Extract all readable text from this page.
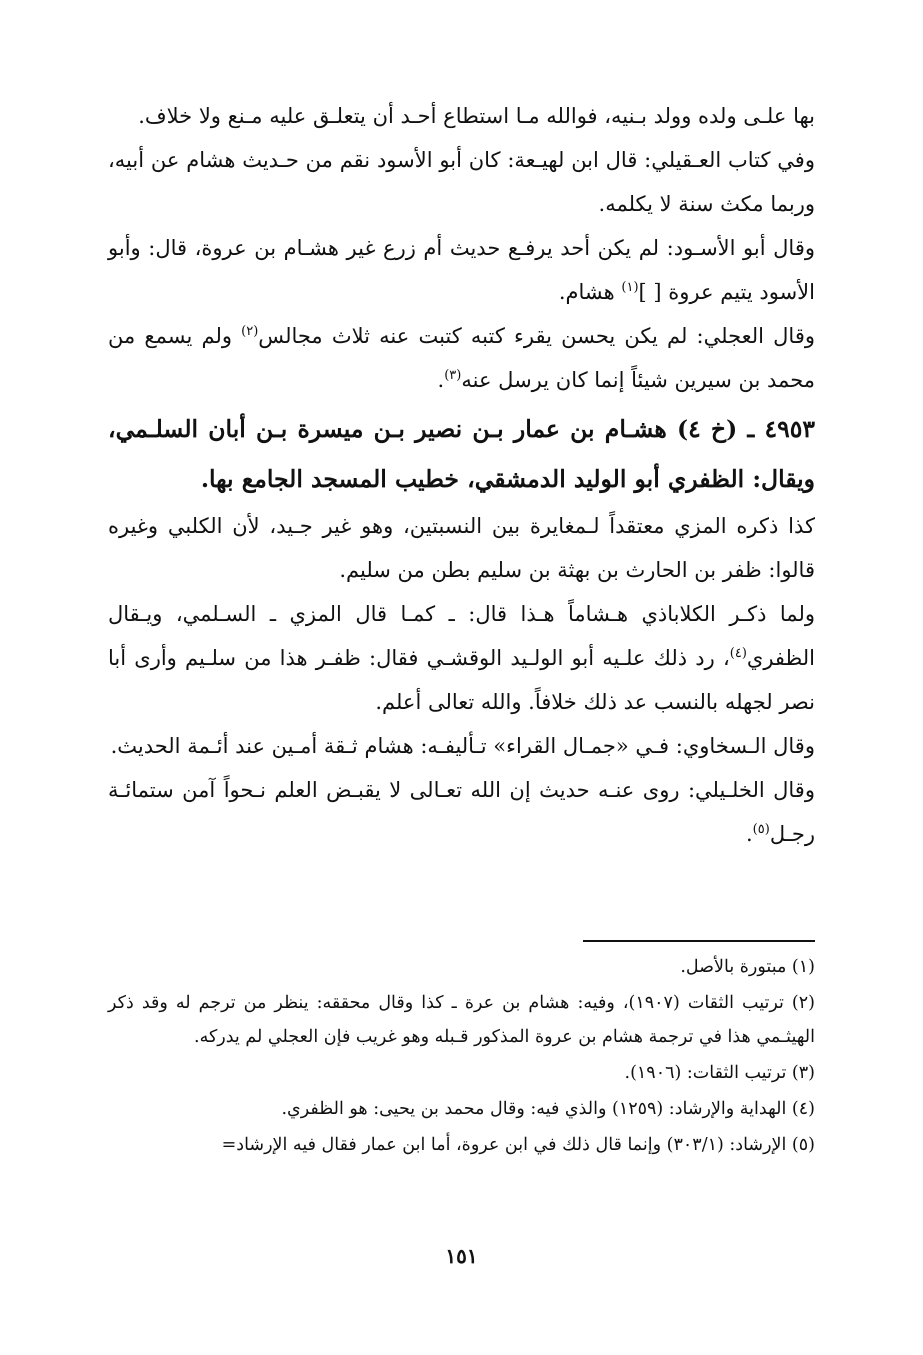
بها علـى ولده وولد بـنيه، فوالله مـا استطاع أحـد أن يتعلـق عليه مـنع ولا خلاف.

وفي كتاب العـقيلي: قال ابن لهيـعة: كان أبو الأسود نقم من حـديث هشام عن أبيه، وربما مكث سنة لا يكلمه.

وقال أبو الأسـود: لم يكن أحد يرفـع حديث أم زرع غير هشـام بن عروة، قال: وأبو الأسود يتيم عروة [ ]$^{(١)}$ هشام.

وقال العجلي: لم يكن يحسن يقرء كتبه كتبت عنه ثلاث مجالس$^{(٢)}$ ولم يسمع من محمد بن سيرين شيئاً إنما كان يرسل عنه$^{(٣)}$.

٤٩٥٣ ـ (خ ٤) هشـام بن عمار بـن نصير بـن ميسرة بـن أبان السلـمي، ويقال: الظفري أبو الوليد الدمشقي، خطيب المسجد الجامع بها.

كذا ذكره المزي معتقداً لـمغايرة بين النسبتين، وهو غير جـيد، لأن الكلبي وغيره قالوا: ظفر بن الحارث بن بهثة بن سليم بطن من سليم.

ولما ذكـر الكلاباذي هـشاماً هـذا قال: ـ كمـا قال المزي ـ السـلمي، ويـقال الظفري$^{(٤)}$، رد ذلك علـيه أبو الولـيد الوقشـي فقال: ظفـر هذا من سلـيم وأرى أبا نصر لجهله بالنسب عد ذلك خلافاً. والله تعالى أعلم.

وقال الـسخاوي: فـي «جمـال القراء» تـأليفـه: هشام ثـقة أمـين عند أئـمة الحديث.

وقال الخلـيلي: روى عنـه حديث إن الله تعـالى لا يقبـض العلم نـحواً آمن ستمائـة رجـل$^{(٥)}$.

(١) مبتورة بالأصل.

(٢) ترتيب الثقات (١٩٠٧)، وفيه: هشام بن عرة ـ كذا وقال محققه: ينظر من ترجم له وقد ذكر الهيثـمي هذا في ترجمة هشام بن عروة المذكور قـبله وهو غريب فإن العجلي لم يدركه.

(٣) ترتيب الثقات: (١٩٠٦).

(٤) الهداية والإرشاد: (١٢٥٩) والذي فيه: وقال محمد بن يحيى: هو الظفري.

(٥) الإرشاد: (٣٠٣/١) وإنما قال ذلك في ابن عروة، أما ابن عمار فقال فيه الإرشاد=

١٥١
